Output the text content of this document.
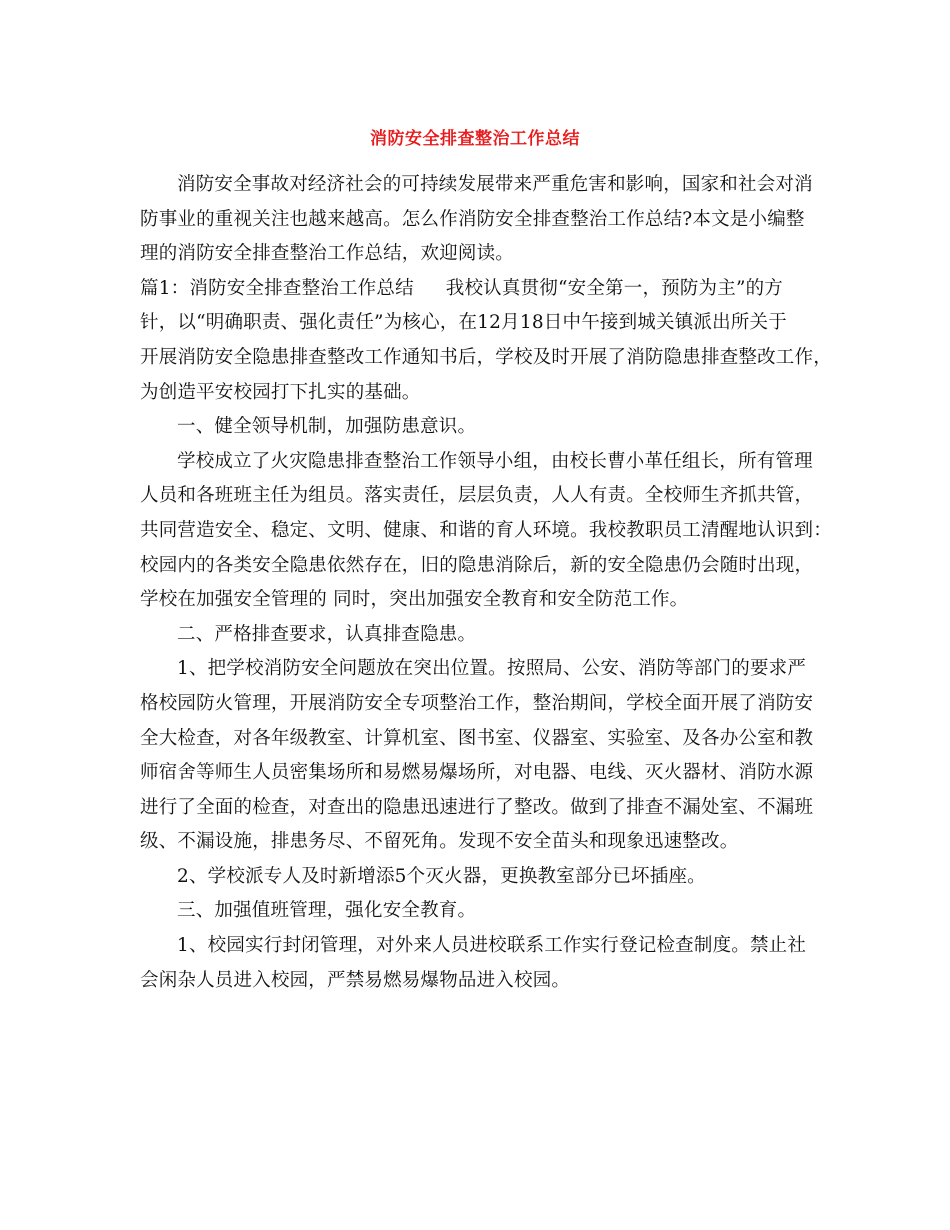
消防安全排查整治工作总结
消防安全事故对经济社会的可持续发展带来严重危害和影响，国家和社会对消
防事业的重视关注也越来越高。怎么作消防安全排查整治工作总结?本文是小编整
理的消防安全排查整治工作总结，欢迎阅读。
篇1：消防安全排查整治工作总结 我校认真贯彻“安全第一，预防为主”的方
针，以“明确职责、强化责任”为核心，在12月18日中午接到城关镇派出所关于
开展消防安全隐患排查整改工作通知书后，学校及时开展了消防隐患排查整改工作，
为创造平安校园打下扎实的基础。
一、健全领导机制，加强防患意识。
学校成立了火灾隐患排查整治工作领导小组，由校长曹小革任组长，所有管理
人员和各班班主任为组员。落实责任，层层负责，人人有责。全校师生齐抓共管，
共同营造安全、稳定、文明、健康、和谐的育人环境。我校教职员工清醒地认识到：
校园内的各类安全隐患依然存在，旧的隐患消除后，新的安全隐患仍会随时出现，
学校在加强安全管理的 同时，突出加强安全教育和安全防范工作。
二、严格排查要求，认真排查隐患。
1、把学校消防安全问题放在突出位置。按照局、公安、消防等部门的要求严
格校园防火管理，开展消防安全专项整治工作，整治期间，学校全面开展了消防安
全大检查，对各年级教室、计算机室、图书室、仪器室、实验室、及各办公室和教
师宿舍等师生人员密集场所和易燃易爆场所，对电器、电线、灭火器材、消防水源
进行了全面的检查，对查出的隐患迅速进行了整改。做到了排查不漏处室、不漏班
级、不漏设施，排患务尽、不留死角。发现不安全苗头和现象迅速整改。
2、学校派专人及时新增添5个灭火器，更换教室部分已坏插座。
三、加强值班管理，强化安全教育。
1、校园实行封闭管理，对外来人员进校联系工作实行登记检查制度。禁止社
会闲杂人员进入校园，严禁易燃易爆物品进入校园。
